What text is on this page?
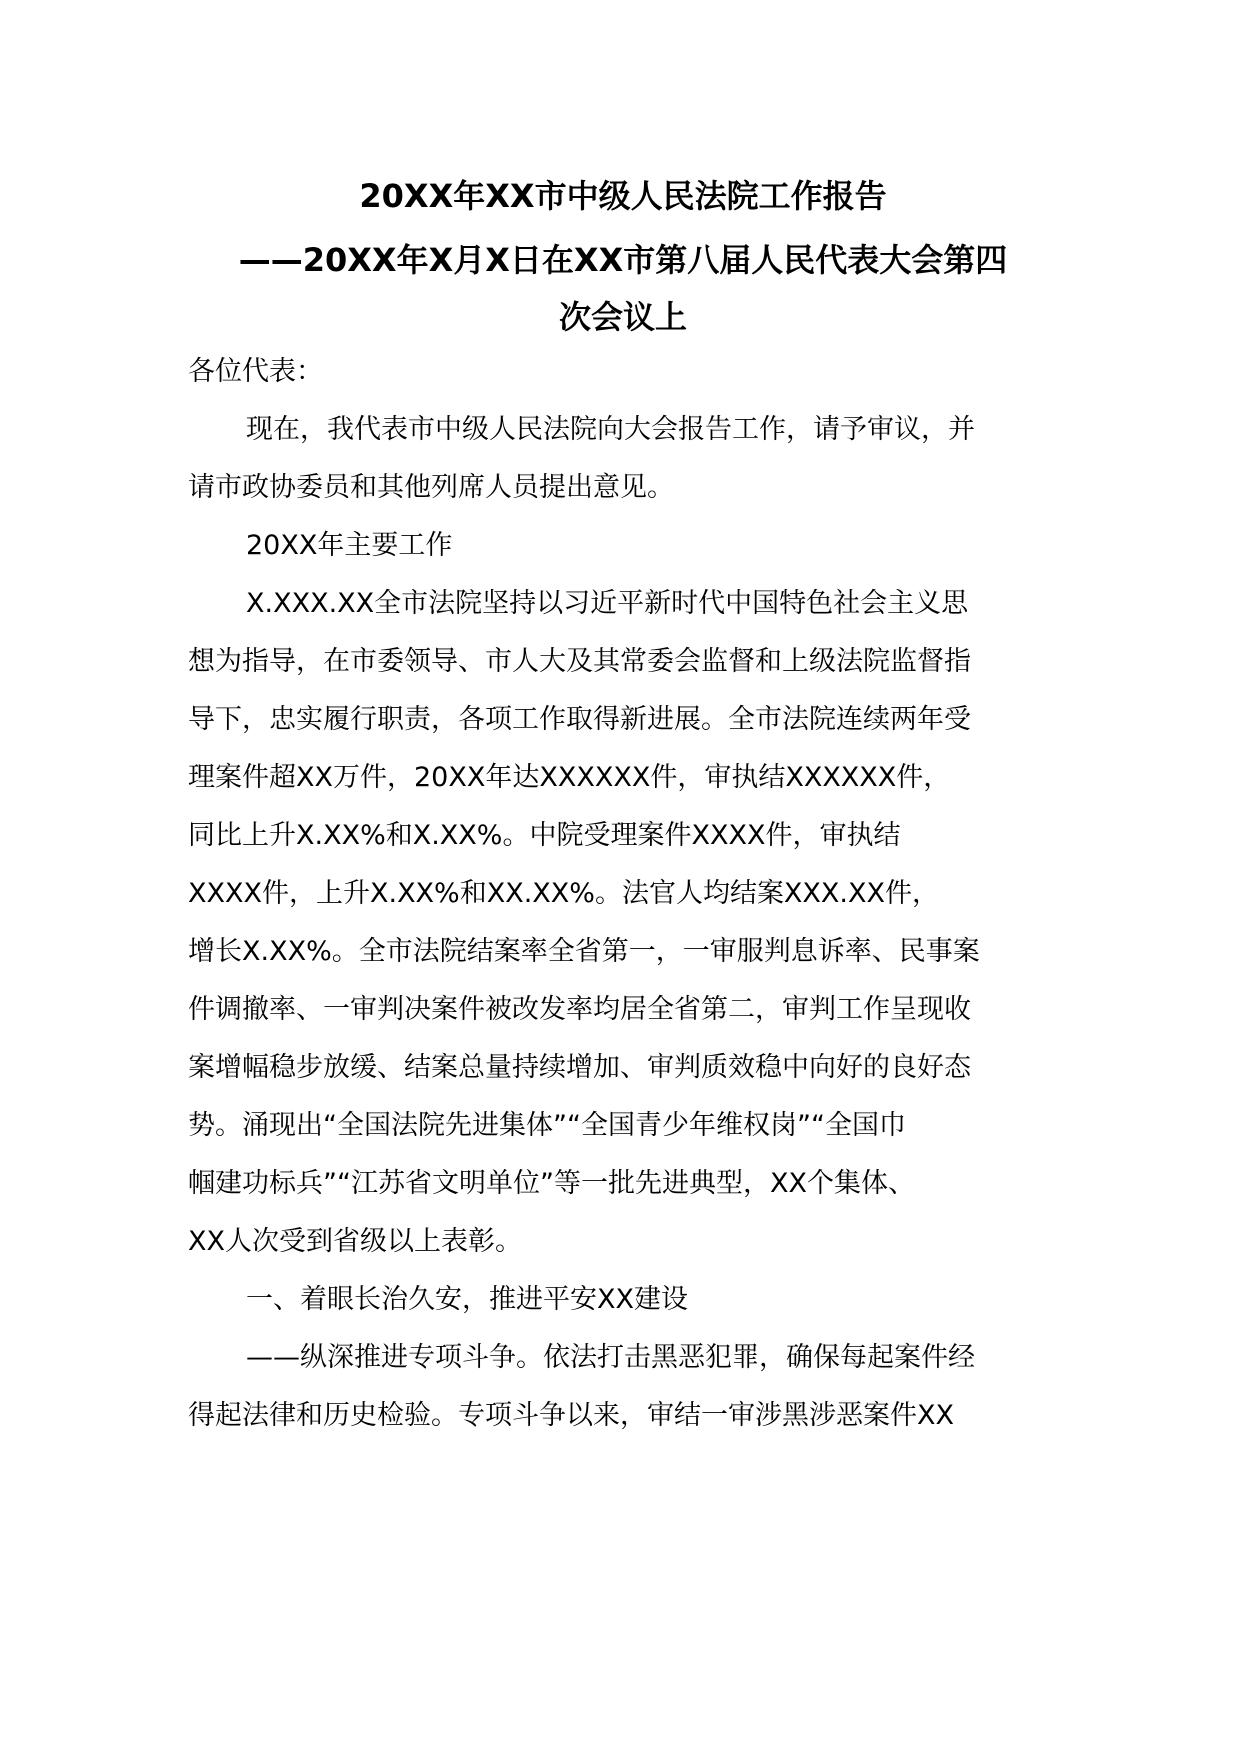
20XX年XX市中级人民法院工作报告
——20XX年X月X日在XX市第八届人民代表大会第四
次会议上
各位代表：
现在，我代表市中级人民法院向大会报告工作，请予审议，并
请市政协委员和其他列席人员提出意见。
20XX年主要工作
X.XXX.XX全市法院坚持以习近平新时代中国特色社会主义思
想为指导，在市委领导、市人大及其常委会监督和上级法院监督指
导下，忠实履行职责，各项工作取得新进展。全市法院连续两年受
理案件超XX万件，20XX年达XXXXXX件，审执结XXXXXX件，
同比上升X.XX%和X.XX%。中院受理案件XXXX件，审执结
XXXX件，上升X.XX%和XX.XX%。法官人均结案XXX.XX件，
增长X.XX%。全市法院结案率全省第一，一审服判息诉率、民事案
件调撤率、一审判决案件被改发率均居全省第二，审判工作呈现收
案增幅稳步放缓、结案总量持续增加、审判质效稳中向好的良好态
势。涌现出“全国法院先进集体”“全国青少年维权岗”“全国巾
帼建功标兵”“江苏省文明单位”等一批先进典型，XX个集体、
XX人次受到省级以上表彰。
一、着眼长治久安，推进平安XX建设
——纵深推进专项斗争。依法打击黑恶犯罪，确保每起案件经
得起法律和历史检验。专项斗争以来，审结一审涉黑涉恶案件XX
